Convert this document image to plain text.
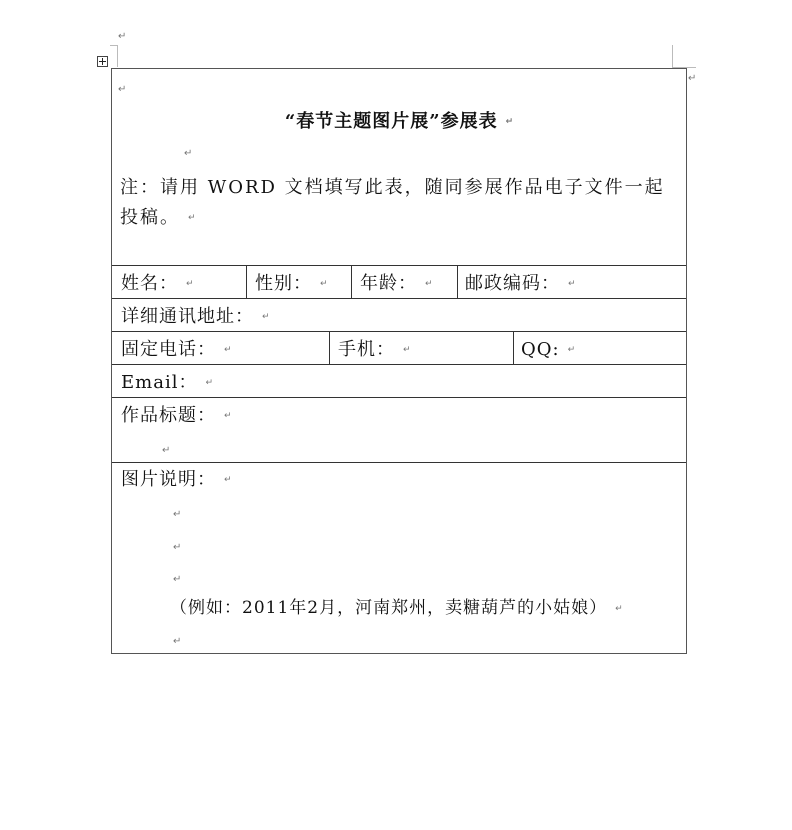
↵
↵
↵
“春节主题图片展”参展表 ↵
↵
注：请用 WORD 文档填写此表，随同参展作品电子文件一起投稿。 ↵
姓名： ↵	性别： ↵ 年龄： ↵ 邮政编码： ↵
详细通讯地址： ↵
固定电话： ↵	手机： ↵	QQ: ↵
Email： ↵
作品标题： ↵
↵
图片说明： ↵
↵
↵
↵
（例如：2011年2月，河南郑州，卖糖葫芦的小姑娘） ↵
↵
